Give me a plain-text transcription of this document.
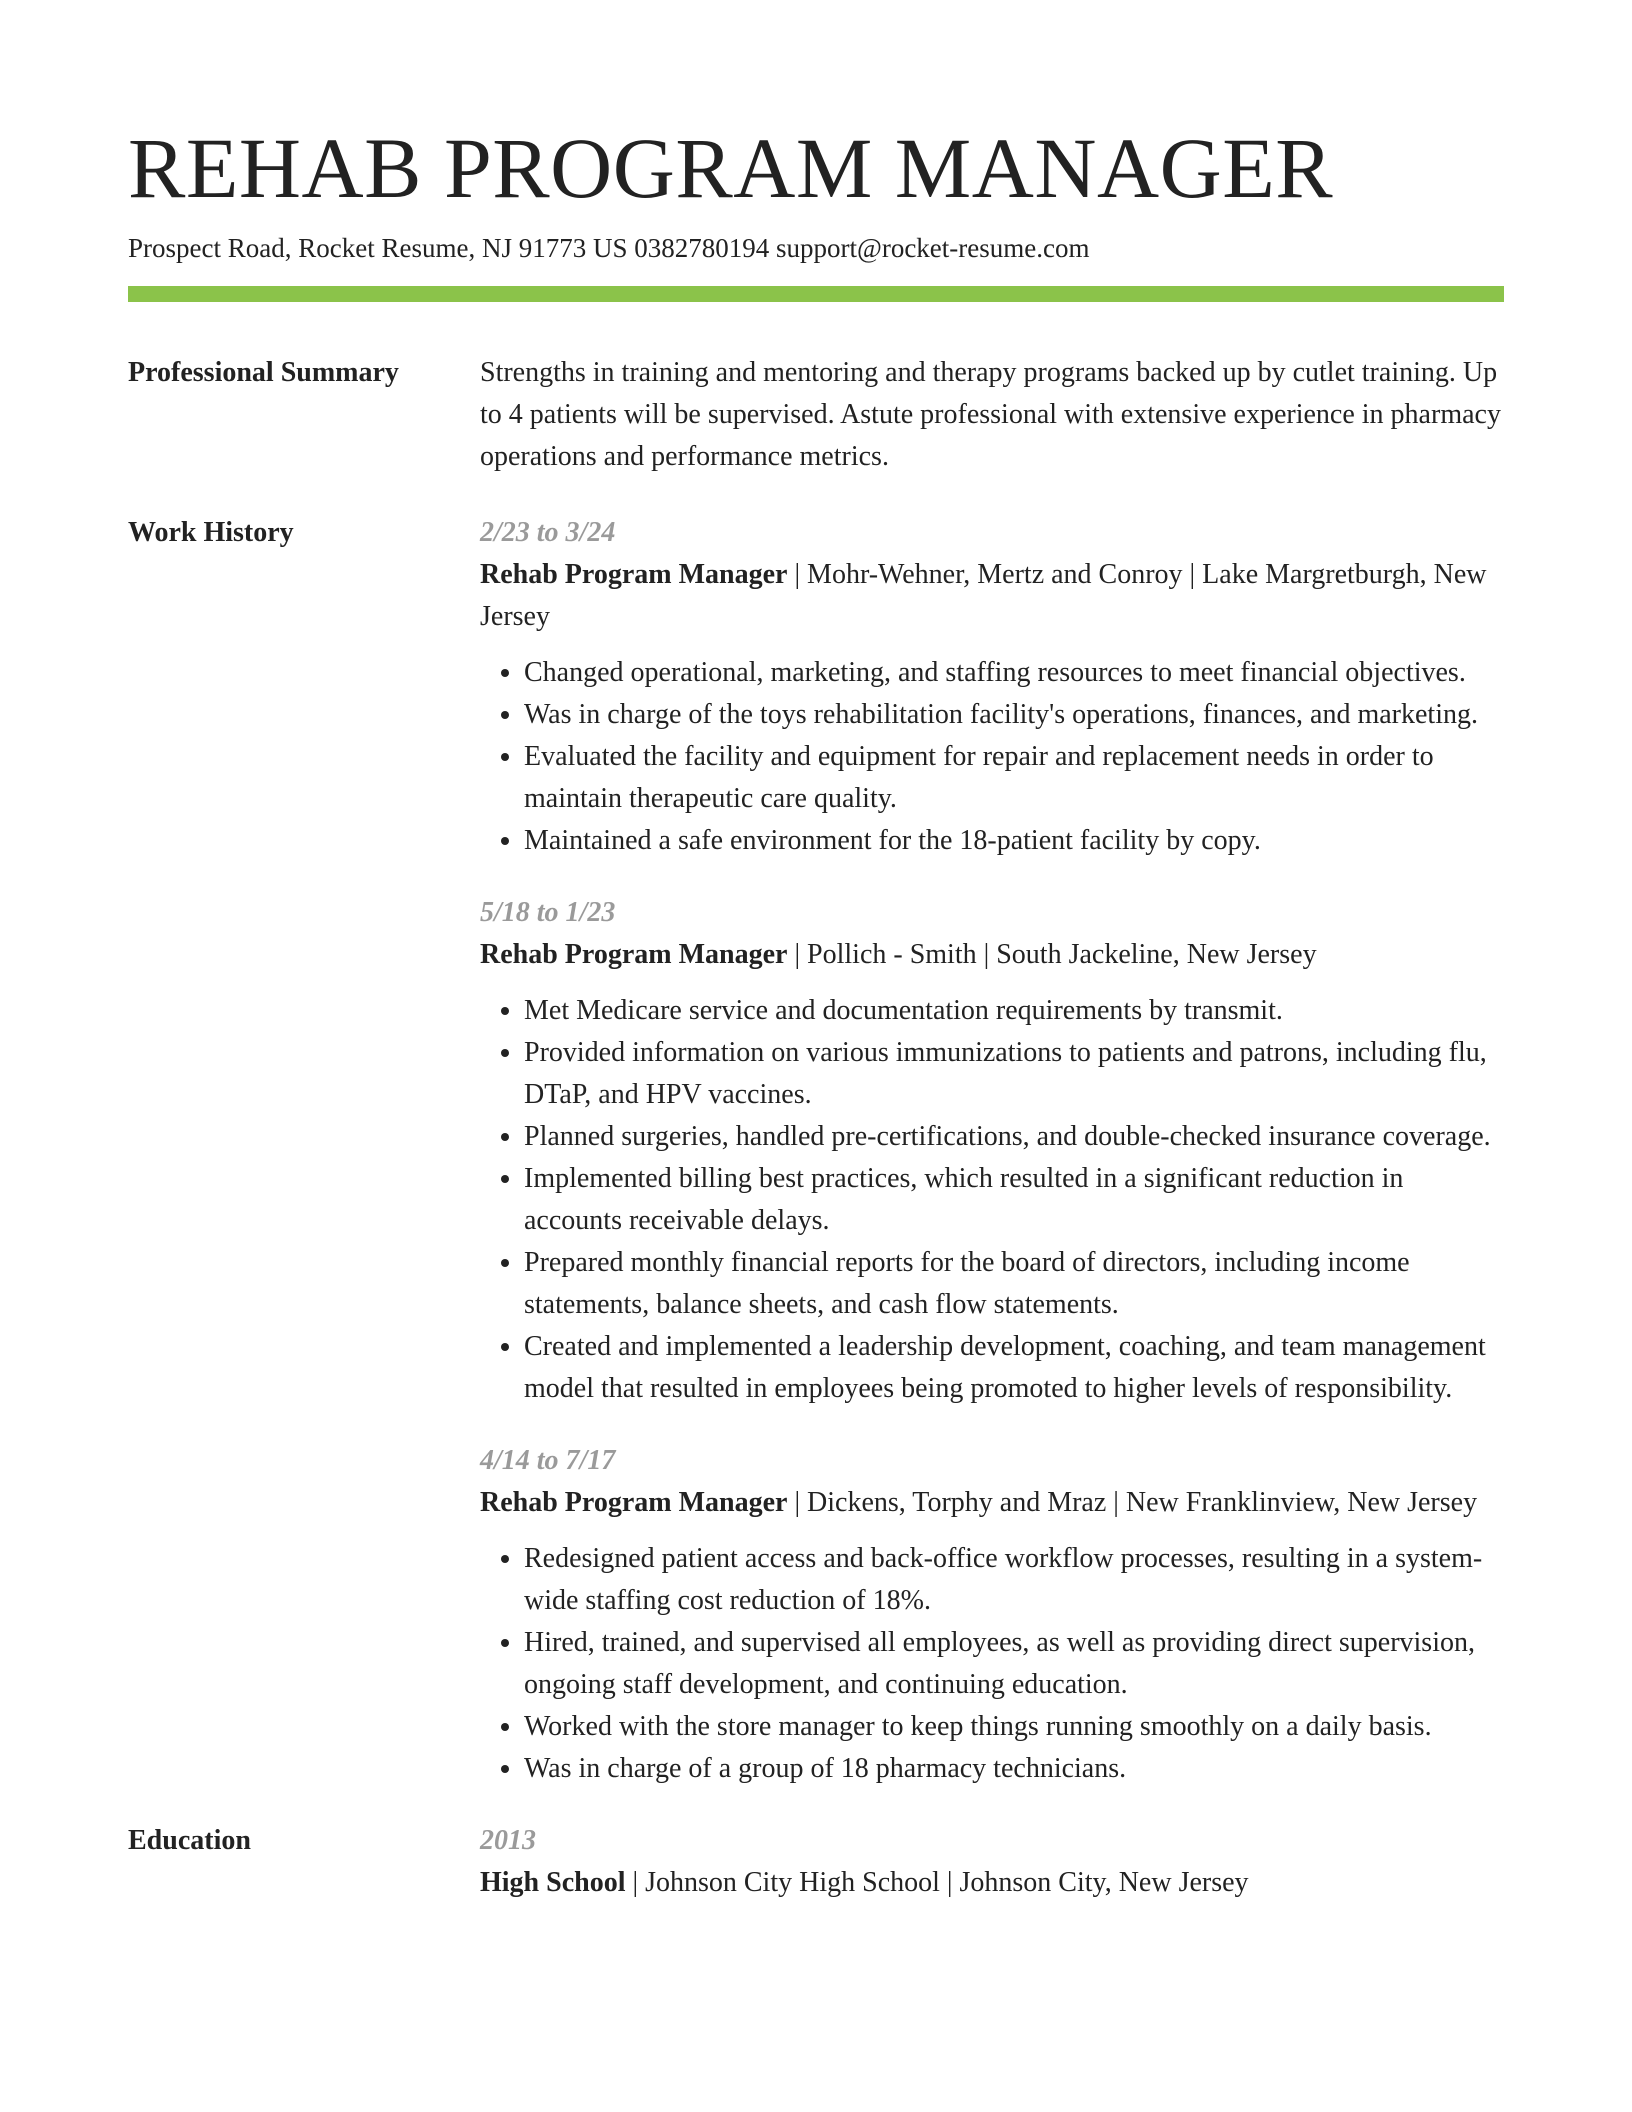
REHAB PROGRAM MANAGER
Prospect Road, Rocket Resume, NJ 91773 US 0382780194 support@rocket-resume.com
Professional Summary	Strengths in training and mentoring and therapy programs backed up by cutlet training. Up to 4 patients will be supervised. Astute professional with extensive experience in pharmacy operations and performance metrics.
Work History	2/23 to 3/24
Rehab Program Manager | Mohr-Wehner, Mertz and Conroy | Lake Margretburgh, New Jersey
• Changed operational, marketing, and staffing resources to meet financial objectives.
• Was in charge of the toys rehabilitation facility's operations, finances, and marketing.
• Evaluated the facility and equipment for repair and replacement needs in order to maintain therapeutic care quality.
• Maintained a safe environment for the 18-patient facility by copy.
5/18 to 1/23
Rehab Program Manager | Pollich - Smith | South Jackeline, New Jersey
• Met Medicare service and documentation requirements by transmit.
• Provided information on various immunizations to patients and patrons, including flu, DTaP, and HPV vaccines.
• Planned surgeries, handled pre-certifications, and double-checked insurance coverage.
• Implemented billing best practices, which resulted in a significant reduction in accounts receivable delays.
• Prepared monthly financial reports for the board of directors, including income statements, balance sheets, and cash flow statements.
• Created and implemented a leadership development, coaching, and team management model that resulted in employees being promoted to higher levels of responsibility.
4/14 to 7/17
Rehab Program Manager | Dickens, Torphy and Mraz | New Franklinview, New Jersey
• Redesigned patient access and back-office workflow processes, resulting in a system-wide staffing cost reduction of 18%.
• Hired, trained, and supervised all employees, as well as providing direct supervision, ongoing staff development, and continuing education.
• Worked with the store manager to keep things running smoothly on a daily basis.
• Was in charge of a group of 18 pharmacy technicians.
Education	2013
High School | Johnson City High School | Johnson City, New Jersey
